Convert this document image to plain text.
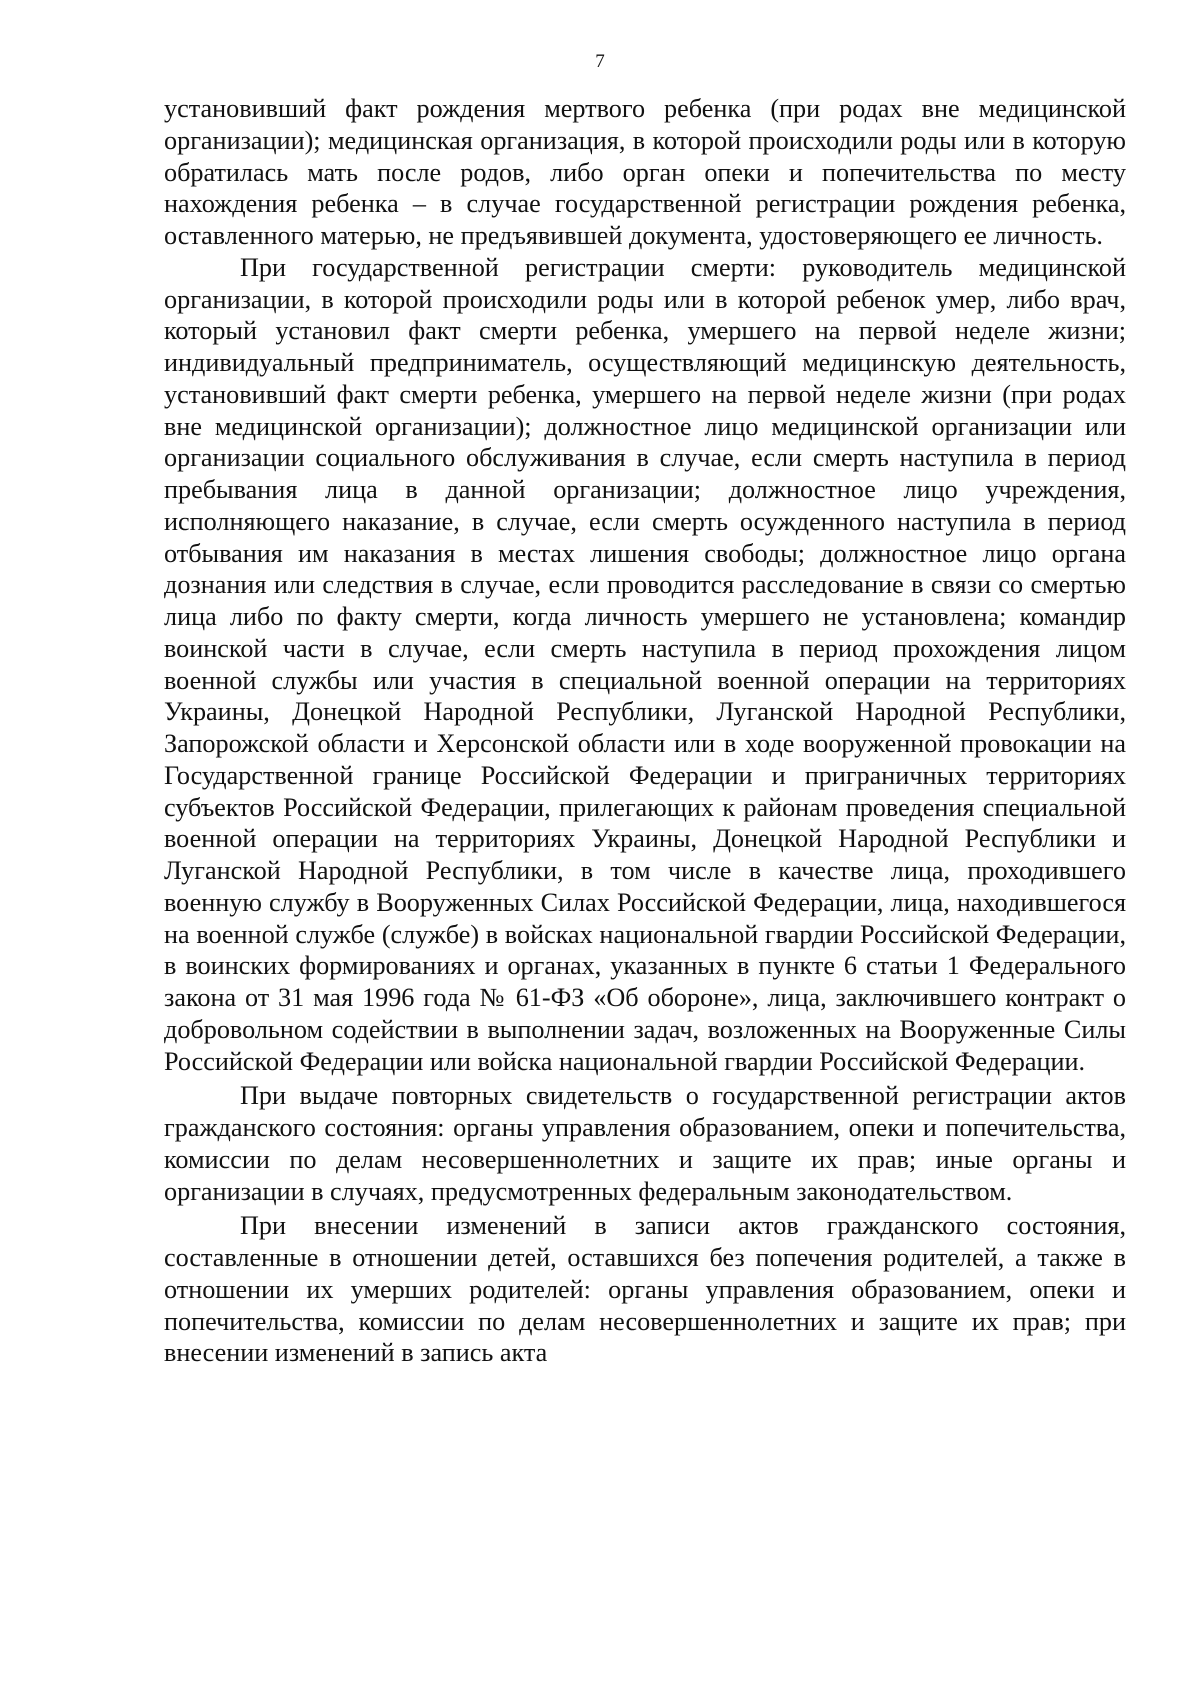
7

установивший факт рождения мертвого ребенка (при родах вне медицинской организации); медицинская организация, в которой происходили роды или в которую обратилась мать после родов, либо орган опеки и попечительства по месту нахождения ребенка – в случае государственной регистрации рождения ребенка, оставленного матерью, не предъявившей документа, удостоверяющего ее личность.

При государственной регистрации смерти: руководитель медицинской организации, в которой происходили роды или в которой ребенок умер, либо врач, который установил факт смерти ребенка, умершего на первой неделе жизни; индивидуальный предприниматель, осуществляющий медицинскую деятельность, установивший факт смерти ребенка, умершего на первой неделе жизни (при родах вне медицинской организации); должностное лицо медицинской организации или организации социального обслуживания в случае, если смерть наступила в период пребывания лица в данной организации; должностное лицо учреждения, исполняющего наказание, в случае, если смерть осужденного наступила в период отбывания им наказания в местах лишения свободы; должностное лицо органа дознания или следствия в случае, если проводится расследование в связи со смертью лица либо по факту смерти, когда личность умершего не установлена; командир воинской части в случае, если смерть наступила в период прохождения лицом военной службы или участия в специальной военной операции на территориях Украины, Донецкой Народной Республики, Луганской Народной Республики, Запорожской области и Херсонской области или в ходе вооруженной провокации на Государственной границе Российской Федерации и приграничных территориях субъектов Российской Федерации, прилегающих к районам проведения специальной военной операции на территориях Украины, Донецкой Народной Республики и Луганской Народной Республики, в том числе в качестве лица, проходившего военную службу в Вооруженных Силах Российской Федерации, лица, находившегося на военной службе (службе) в войсках национальной гвардии Российской Федерации, в воинских формированиях и органах, указанных в пункте 6 статьи 1 Федерального закона от 31 мая 1996 года № 61-ФЗ «Об обороне», лица, заключившего контракт о добровольном содействии в выполнении задач, возложенных на Вооруженные Силы Российской Федерации или войска национальной гвардии Российской Федерации.

При выдаче повторных свидетельств о государственной регистрации актов гражданского состояния: органы управления образованием, опеки и попечительства, комиссии по делам несовершеннолетних и защите их прав; иные органы и организации в случаях, предусмотренных федеральным законодательством.

При внесении изменений в записи актов гражданского состояния, составленные в отношении детей, оставшихся без попечения родителей, а также в отношении их умерших родителей: органы управления образованием, опеки и попечительства, комиссии по делам несовершеннолетних и защите их прав; при внесении изменений в запись акта
